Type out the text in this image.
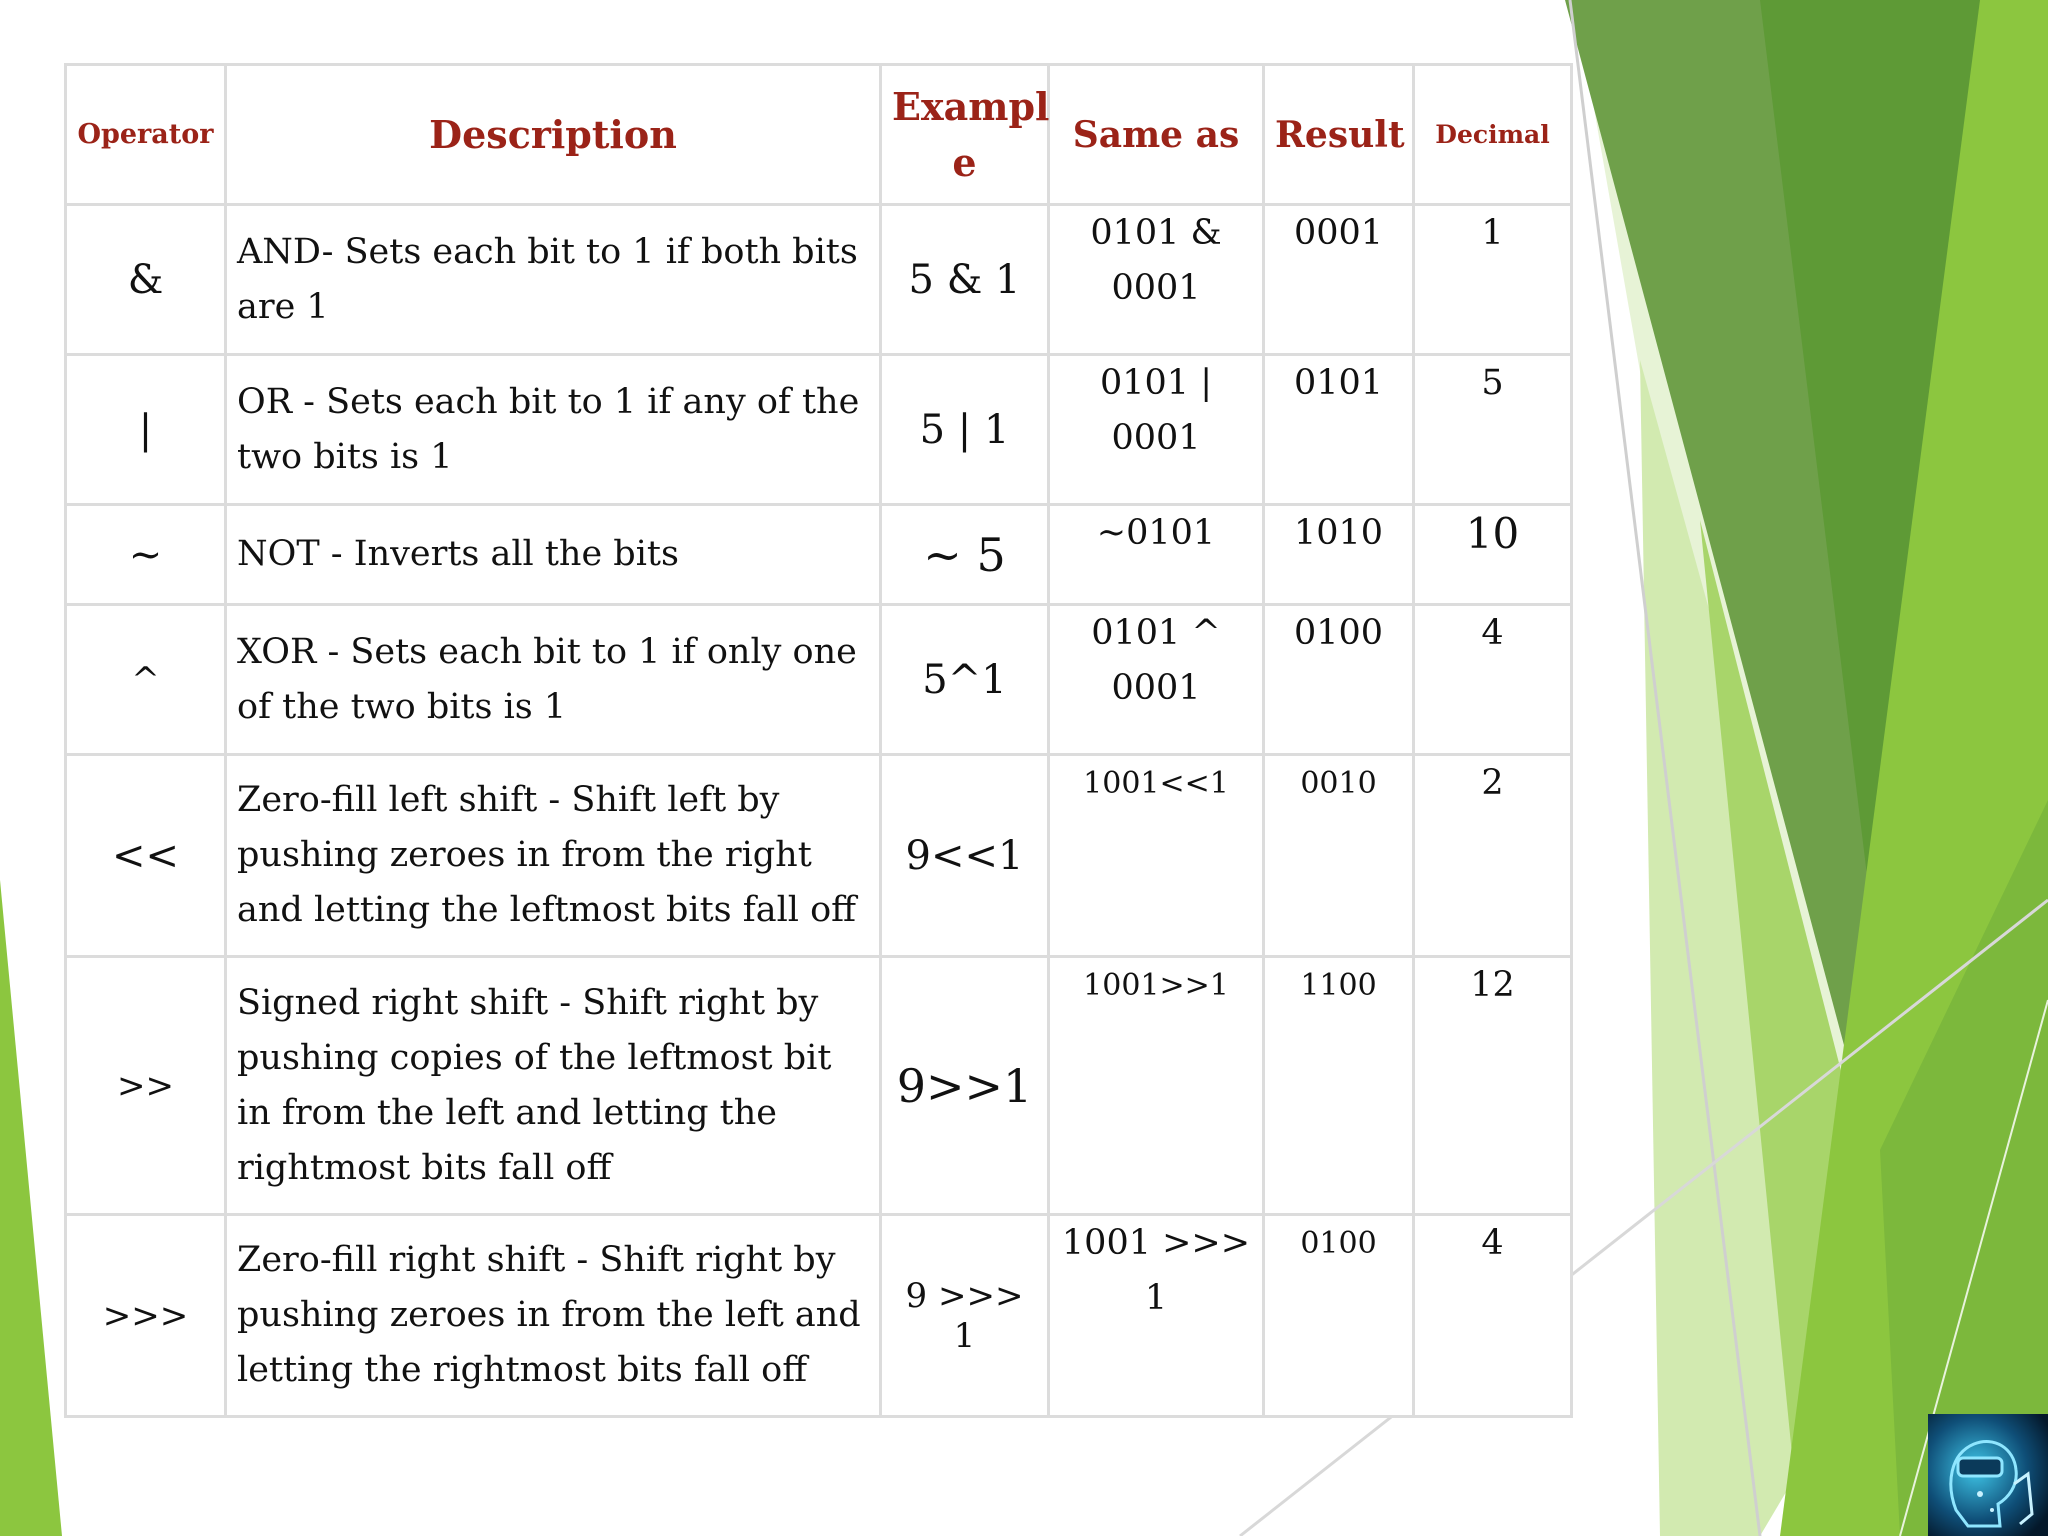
Operator	Description	Exampl e	Same as	Result	Decimal
&	AND- Sets each bit to 1 if both bits are 1	5 & 1	0101 & 0001	0001	1
|	OR - Sets each bit to 1 if any of the two bits is 1	5 | 1	0101 | 0001	0101	5
~	NOT - Inverts all the bits	~ 5	~0101	1010	10
^	XOR - Sets each bit to 1 if only one of the two bits is 1	5^1	0101 ^ 0001	0100	4
<<	Zero-fill left shift - Shift left by pushing zeroes in from the right and letting the leftmost bits fall off	9<<1	1001<<1	0010	2
>>	Signed right shift - Shift right by pushing copies of the leftmost bit in from the left and letting the rightmost bits fall off	9>>1	1001>>1	1100	12
>>>	Zero-fill right shift - Shift right by pushing zeroes in from the left and letting the rightmost bits fall off	9 >>> 1	1001 >>> 1	0100	4
